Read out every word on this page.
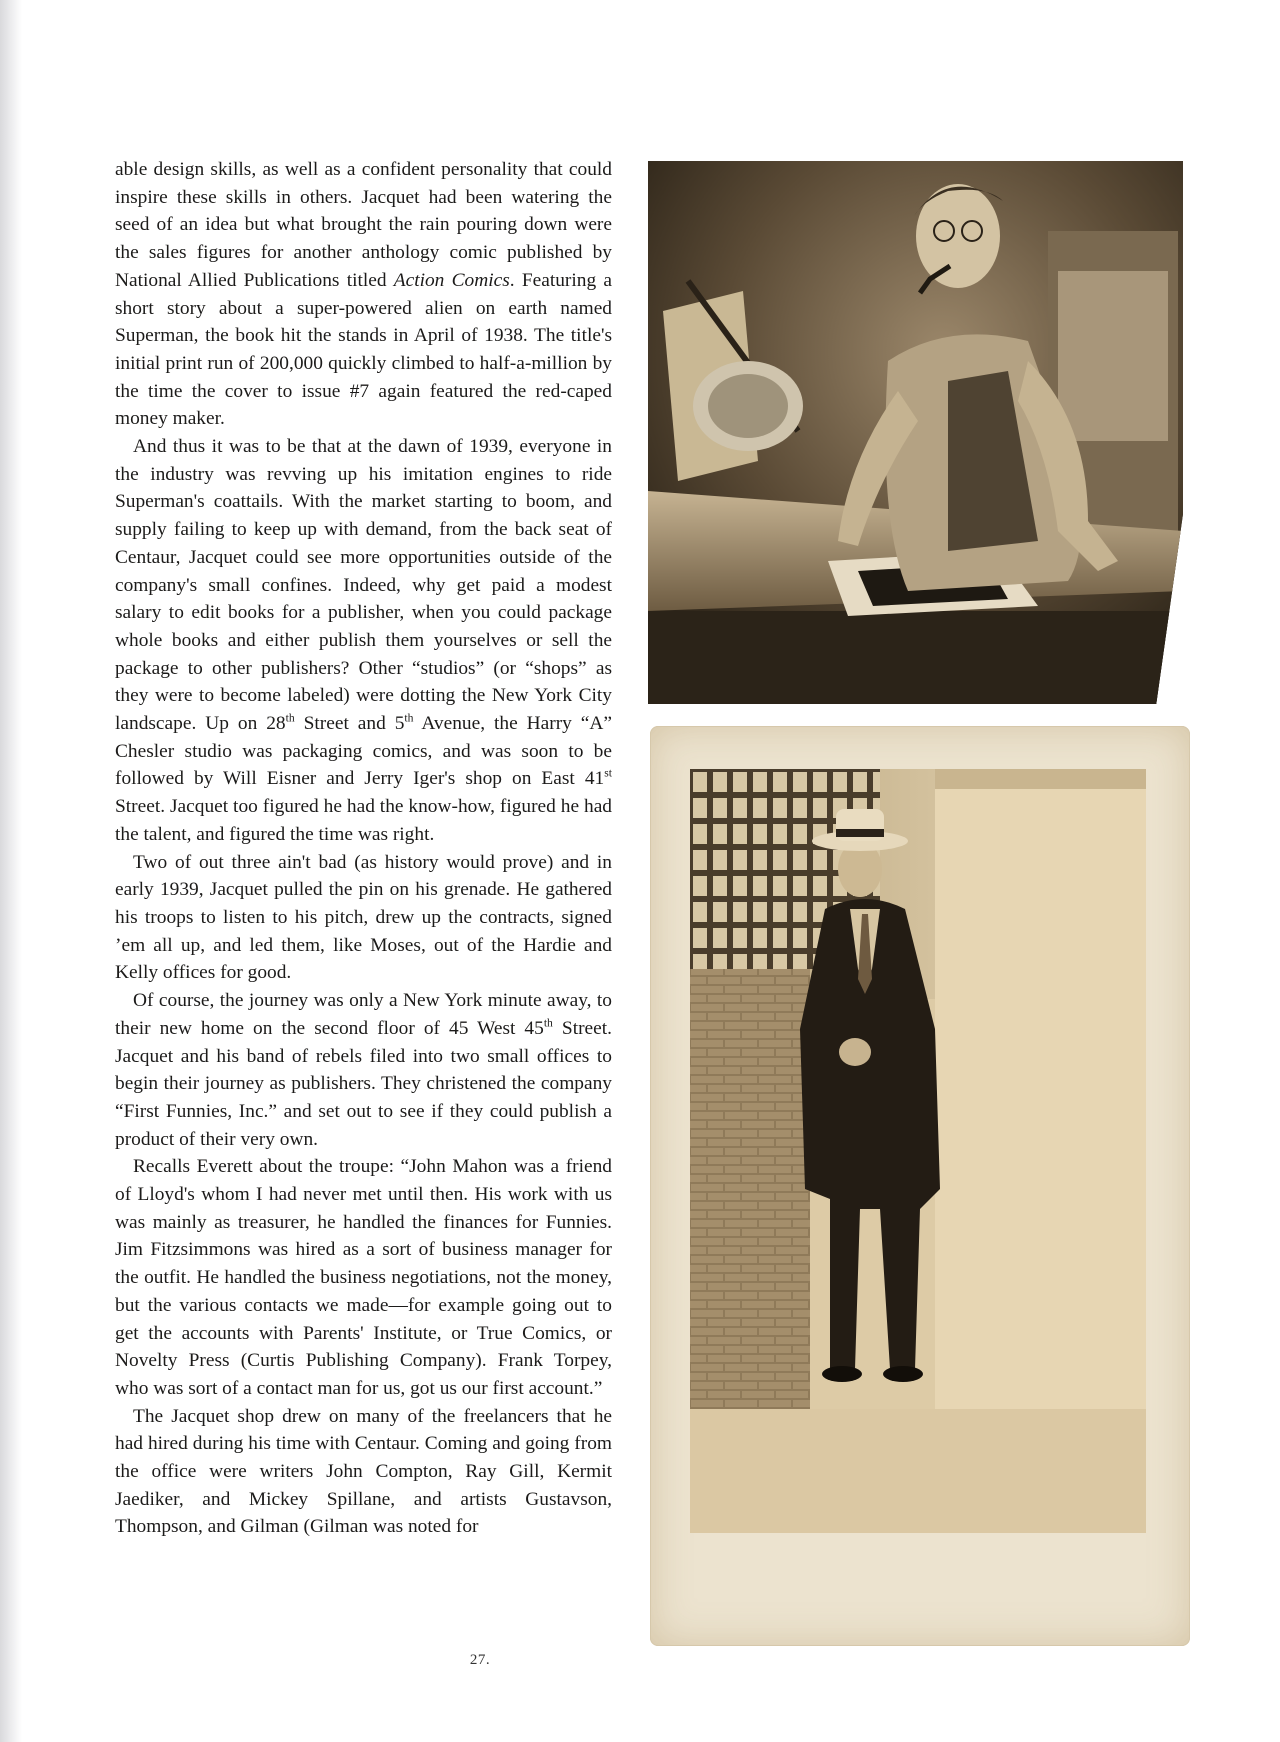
able design skills, as well as a confident personality that could inspire these skills in others. Jacquet had been watering the seed of an idea but what brought the rain pouring down were the sales figures for another anthology comic published by National Allied Publications titled Action Comics. Featuring a short story about a super-powered alien on earth named Superman, the book hit the stands in April of 1938. The title's initial print run of 200,000 quickly climbed to half-a-million by the time the cover to issue #7 again featured the red-caped money maker.

And thus it was to be that at the dawn of 1939, everyone in the industry was revving up his imitation engines to ride Superman's coattails. With the market starting to boom, and supply failing to keep up with demand, from the back seat of Centaur, Jacquet could see more opportunities outside of the company's small confines. Indeed, why get paid a modest salary to edit books for a publisher, when you could package whole books and either publish them yourselves or sell the package to other publishers? Other “studios” (or “shops” as they were to become labeled) were dotting the New York City landscape. Up on 28th Street and 5th Avenue, the Harry “A” Chesler studio was packaging comics, and was soon to be followed by Will Eisner and Jerry Iger's shop on East 41st Street. Jacquet too figured he had the know-how, figured he had the talent, and figured the time was right.

Two of out three ain't bad (as history would prove) and in early 1939, Jacquet pulled the pin on his grenade. He gathered his troops to listen to his pitch, drew up the contracts, signed ’em all up, and led them, like Moses, out of the Hardie and Kelly offices for good.

Of course, the journey was only a New York minute away, to their new home on the second floor of 45 West 45th Street. Jacquet and his band of rebels filed into two small offices to begin their journey as publishers. They christened the company “First Funnies, Inc.” and set out to see if they could publish a product of their very own.

Recalls Everett about the troupe: “John Mahon was a friend of Lloyd's whom I had never met until then. His work with us was mainly as treasurer, he handled the finances for Funnies. Jim Fitzsimmons was hired as a sort of business manager for the outfit. He handled the business negotiations, not the money, but the various contacts we made—for example going out to get the accounts with Parents' Institute, or True Comics, or Novelty Press (Curtis Publishing Company). Frank Torpey, who was sort of a contact man for us, got us our first account.”

The Jacquet shop drew on many of the freelancers that he had hired during his time with Centaur. Coming and going from the office were writers John Compton, Ray Gill, Kermit Jaediker, and Mickey Spillane, and artists Gustavson, Thompson, and Gilman (Gilman was noted for

27.
